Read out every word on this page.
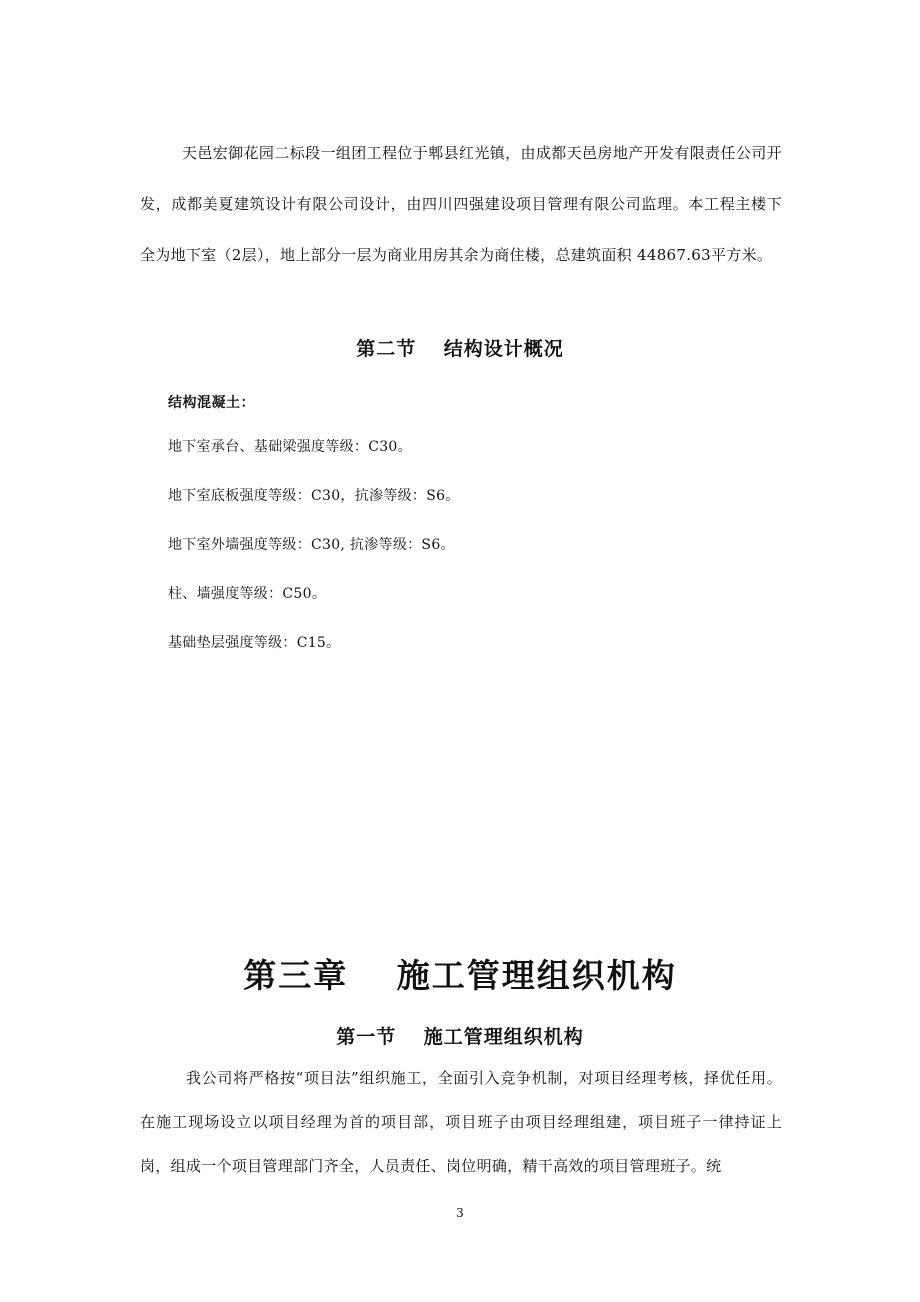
天邑宏御花园二标段一组团工程位于郫县红光镇，由成都天邑房地产开发有限责任公司开发，成都美夏建筑设计有限公司设计，由四川四强建设项目管理有限公司监理。本工程主楼下全为地下室（2层），地上部分一层为商业用房其余为商住楼，总建筑面积 44867.63平方米。

第二节　 结构设计概况

结构混凝土：

地下室承台、基础梁强度等级：C30。
地下室底板强度等级：C30，抗渗等级：S6。
地下室外墙强度等级：C30, 抗渗等级：S6。
柱、墙强度等级：C50。
基础垫层强度等级：C15。
第三章　 施工管理组织机构
第一节　 施工管理组织机构

我公司将严格按“项目法”组织施工，全面引入竞争机制，对项目经理考核，择优任用。在施工现场设立以项目经理为首的项目部，项目班子由项目经理组建，项目班子一律持证上岗，组成一个项目管理部门齐全，人员责任、岗位明确，精干高效的项目管理班子。统

3
